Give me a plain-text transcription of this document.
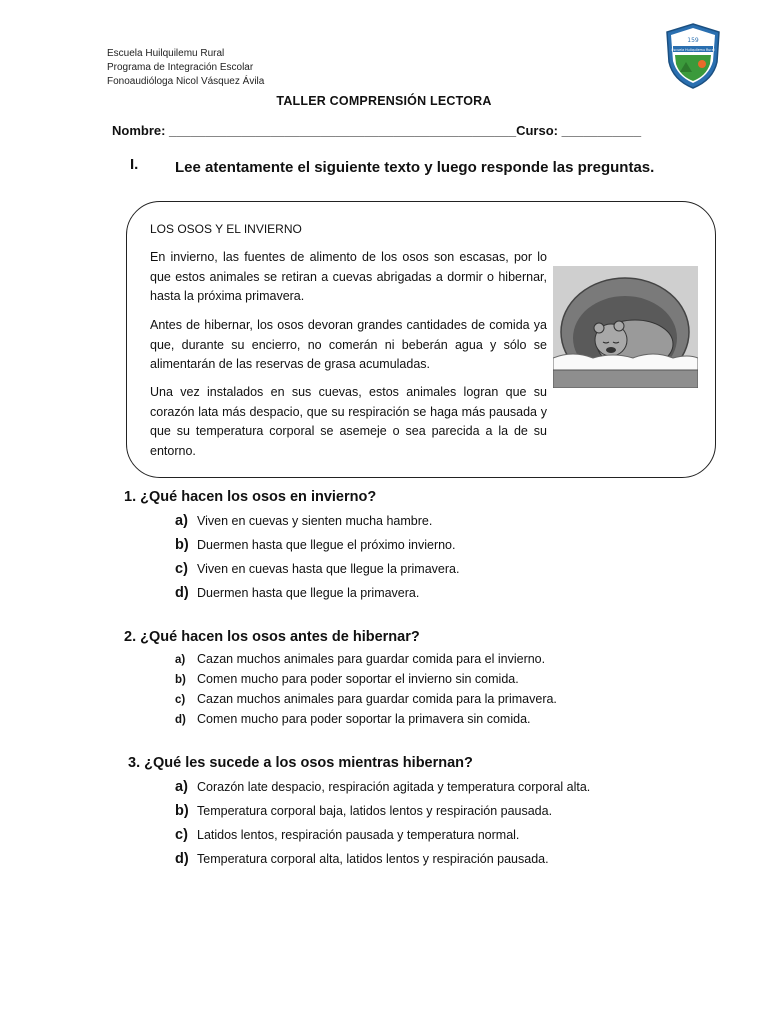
Escuela Huilquilemu Rural
Programa de Integración Escolar
Fonoaudióloga Nicol Vásquez Ávila
Escuela Huilquilemu Rural
159
TALLER COMPRENSIÓN LECTORA
Nombre: ________________________________________________Curso: ___________
I. Lee atentamente el siguiente texto y luego responde las preguntas.
LOS OSOS Y EL INVIERNO
En invierno, las fuentes de alimento de los osos son escasas, por lo que estos animales se retiran a cuevas abrigadas a dormir o hibernar, hasta la próxima primavera.
Antes de hibernar, los osos devoran grandes cantidades de comida ya que, durante su encierro, no comerán ni beberán agua y sólo se alimentarán de las reservas de grasa acumuladas.
Una vez instalados en sus cuevas, estos animales logran que su corazón lata más despacio, que su respiración se haga más pausada y que su temperatura corporal se asemeje o sea parecida a la de su entorno.
1. ¿Qué hacen los osos en invierno?
a) Viven en cuevas y sienten mucha hambre.
b) Duermen hasta que llegue el próximo invierno.
c) Viven en cuevas hasta que llegue la primavera.
d) Duermen hasta que llegue la primavera.
2. ¿Qué hacen los osos antes de hibernar?
a) Cazan muchos animales para guardar comida para el invierno.
b) Comen mucho para poder soportar el invierno sin comida.
c) Cazan muchos animales para guardar comida para la primavera.
d) Comen mucho para poder soportar la primavera sin comida.
3. ¿Qué les sucede a los osos mientras hibernan?
a) Corazón late despacio, respiración agitada y temperatura corporal alta.
b) Temperatura corporal baja, latidos lentos y respiración pausada.
c) Latidos lentos, respiración pausada y temperatura normal.
d) Temperatura corporal alta, latidos lentos y respiración pausada.
